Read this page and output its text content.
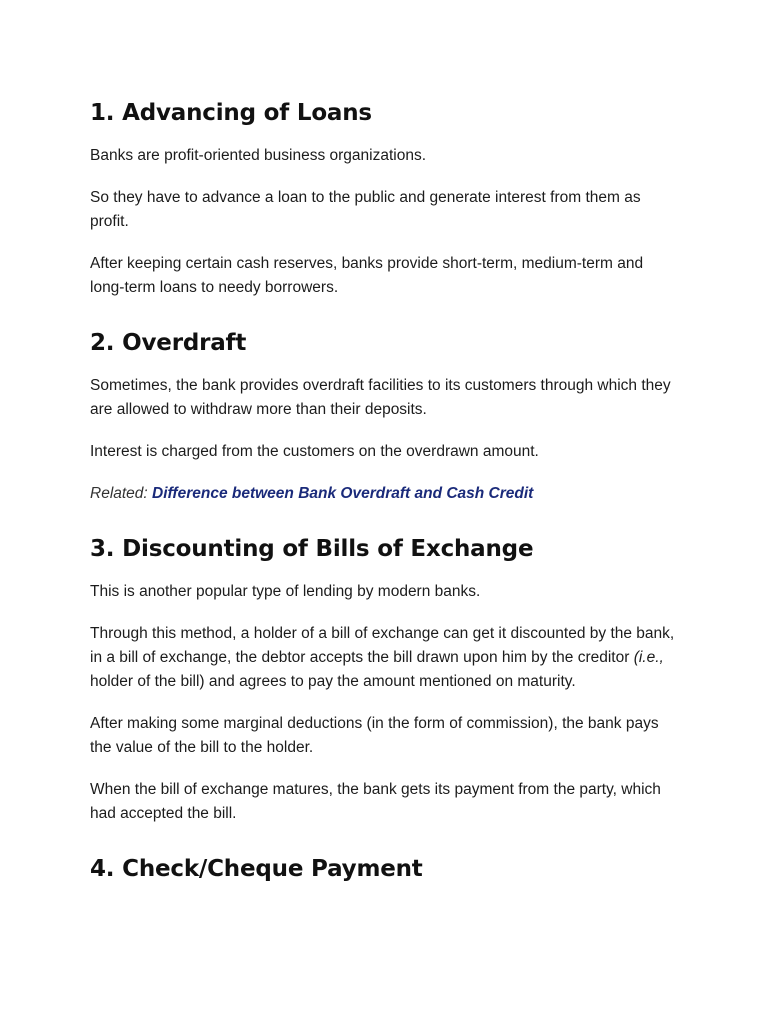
1. Advancing of Loans

Banks are profit-oriented business organizations.

So they have to advance a loan to the public and generate interest from them as profit.

After keeping certain cash reserves, banks provide short-term, medium-term and long-term loans to needy borrowers.

2. Overdraft

Sometimes, the bank provides overdraft facilities to its customers through which they are allowed to withdraw more than their deposits.

Interest is charged from the customers on the overdrawn amount.

Related: Difference between Bank Overdraft and Cash Credit

3. Discounting of Bills of Exchange

This is another popular type of lending by modern banks.

Through this method, a holder of a bill of exchange can get it discounted by the bank, in a bill of exchange, the debtor accepts the bill drawn upon him by the creditor (i.e., holder of the bill) and agrees to pay the amount mentioned on maturity.

After making some marginal deductions (in the form of commission), the bank pays the value of the bill to the holder.

When the bill of exchange matures, the bank gets its payment from the party, which had accepted the bill.

4. Check/Cheque Payment
